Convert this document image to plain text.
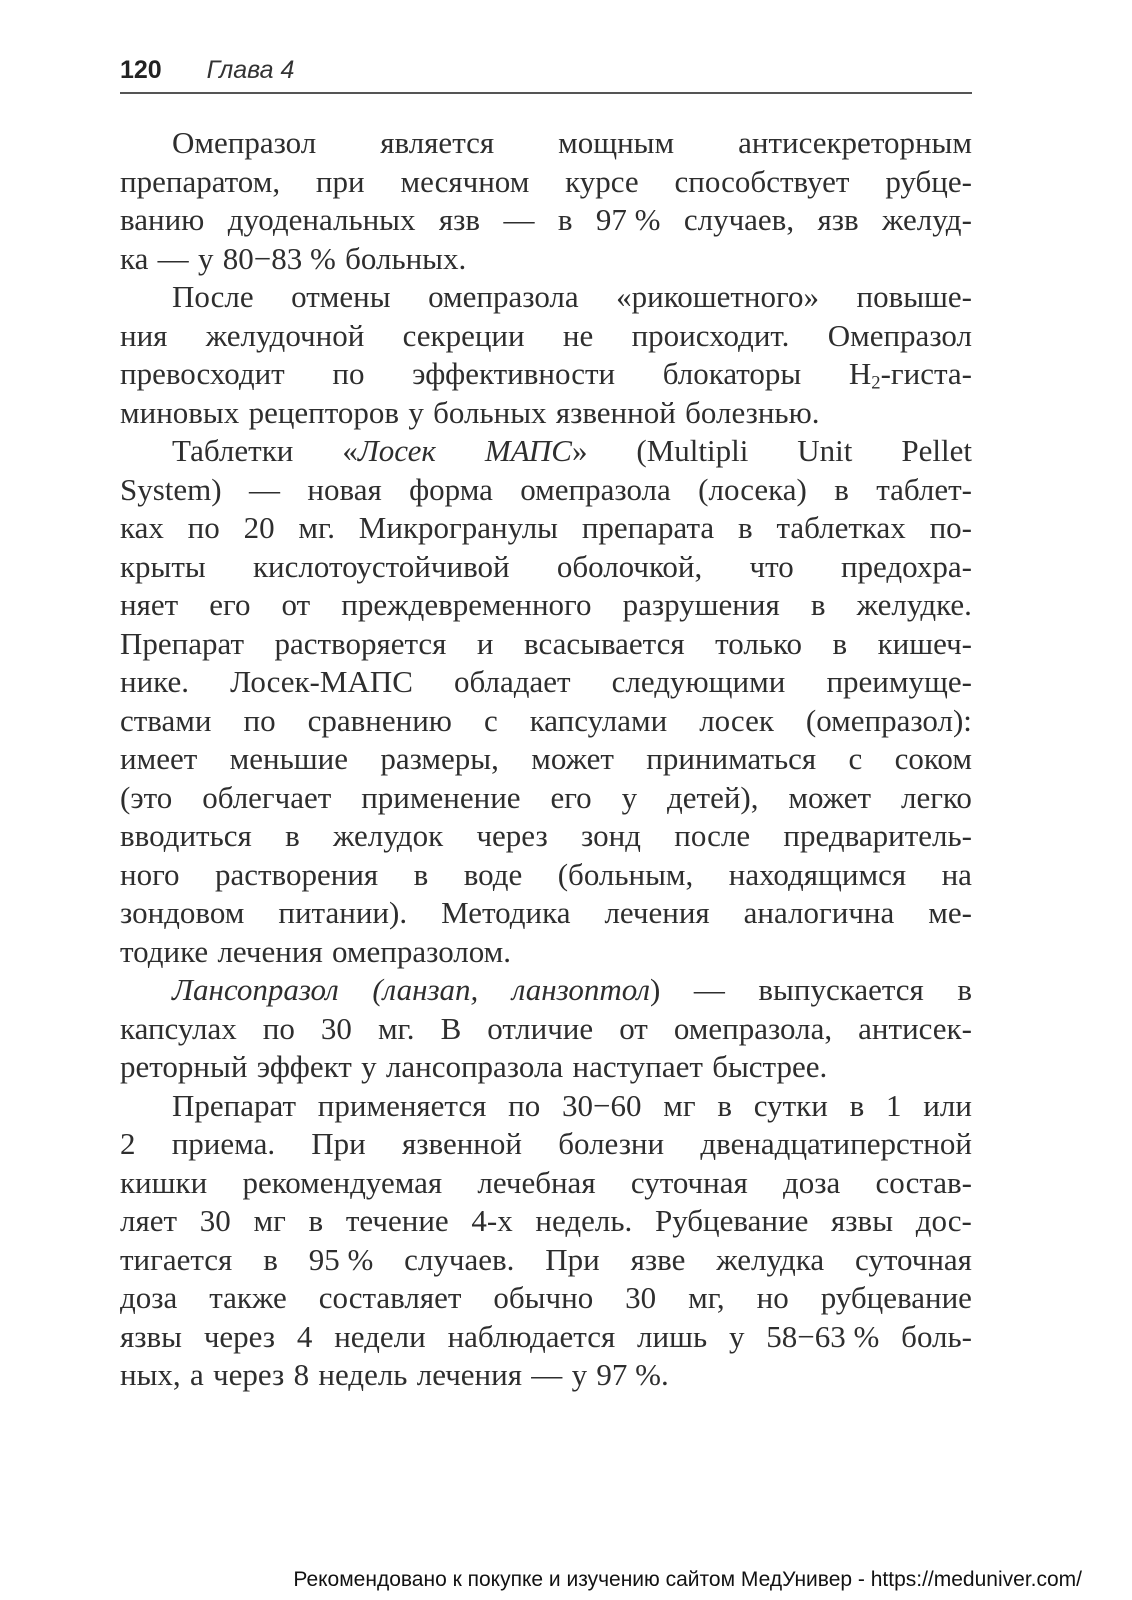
120 Глава 4
Омепразол является мощным антисекреторным
препаратом, при месячном курсе способствует рубце-
ванию дуоденальных язв — в 97 % случаев, язв желуд-
ка — у 80−83 % больных.
После отмены омепразола «рикошетного» повыше-
ния желудочной секреции не происходит. Омепразол
превосходит по эффективности блокаторы $H_2-гиста-$
миновых рецепторов у больных язвенной болезнью.
Таблетки «Лосек МАПС» (Multipli Unit Pellet
System) — новая форма омепразола (лосека) в таблет-
ках по 20 мг. Микрогранулы препарата в таблетках по-
крыты кислотоустойчивой оболочкой, что предохра-
няет его от преждевременного разрушения в желудке.
Препарат растворяется и всасывается только в кишеч-
нике. Лосек-МАПС обладает следующими преимуще-
ствами по сравнению с капсулами лосек (омепразол):
имеет меньшие размеры, может приниматься с соком
(это облегчает применение его у детей), может легко
вводиться в желудок через зонд после предваритель-
ного растворения в воде (больным, находящимся на
зондовом питании). Методика лечения аналогична ме-
тодике лечения омепразолом.
Лансопразол (ланзап, ланзоптол) — выпускается в
капсулах по 30 мг. В отличие от омепразола, антисек-
реторный эффект у лансопразола наступает быстрее.
Препарат применяется по 30−60 мг в сутки в 1 или
2 приема. При язвенной болезни двенадцатиперстной
кишки рекомендуемая лечебная суточная доза состав-
ляет 30 мг в течение 4-х недель. Рубцевание язвы дос-
тигается в 95 % случаев. При язве желудка суточная
доза также составляет обычно 30 мг, но рубцевание
язвы через 4 недели наблюдается лишь у 58−63 % боль-
ных, а через 8 недель лечения — у 97 %.
Рекомендовано к покупке и изучению сайтом МедУнивер - https://meduniver.com/
